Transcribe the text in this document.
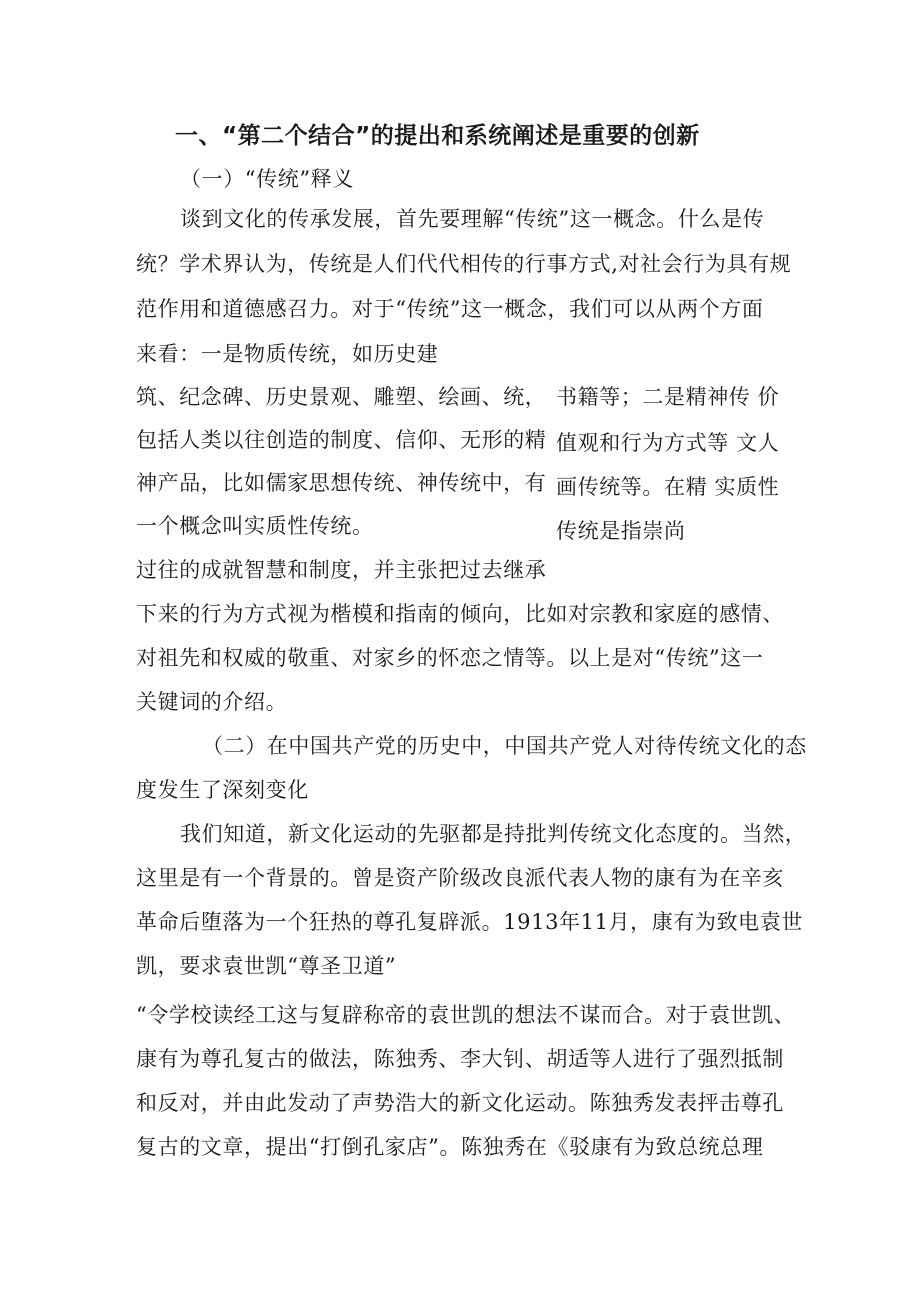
一、“第二个结合”的提出和系统阐述是重要的创新
（一）“传统”释义
谈到文化的传承发展，首先要理解“传统”这一概念。什么是传
统？学术界认为，传统是人们代代相传的行事方式,对社会行为具有规
范作用和道德感召力。对于“传统”这一概念，我们可以从两个方面
来看：一是物质传统，如历史建
筑、纪念碑、历史景观、雕塑、绘画、统，
包括人类以往创造的制度、信仰、无形的精
神产品，比如儒家思想传统、神传统中，有
一个概念叫实质性传统。
书籍等；二是精神传 价
值观和行为方式等 文人
画传统等。在精 实质性
传统是指崇尚
过往的成就智慧和制度，并主张把过去继承
下来的行为方式视为楷模和指南的倾向，比如对宗教和家庭的感情、
对祖先和权威的敬重、对家乡的怀恋之情等。以上是对“传统”这一
关键词的介绍。
（二）在中国共产党的历史中，中国共产党人对待传统文化的态
度发生了深刻变化
我们知道，新文化运动的先驱都是持批判传统文化态度的。当然，
这里是有一个背景的。曾是资产阶级改良派代表人物的康有为在辛亥
革命后堕落为一个狂热的尊孔复辟派。1913年11月，康有为致电袁世
凯，要求袁世凯“尊圣卫道”
“令学校读经工这与复辟称帝的袁世凯的想法不谋而合。对于袁世凯、
康有为尊孔复古的做法，陈独秀、李大钊、胡适等人进行了强烈抵制
和反对，并由此发动了声势浩大的新文化运动。陈独秀发表抨击尊孔
复古的文章，提出“打倒孔家店”。陈独秀在《驳康有为致总统总理
